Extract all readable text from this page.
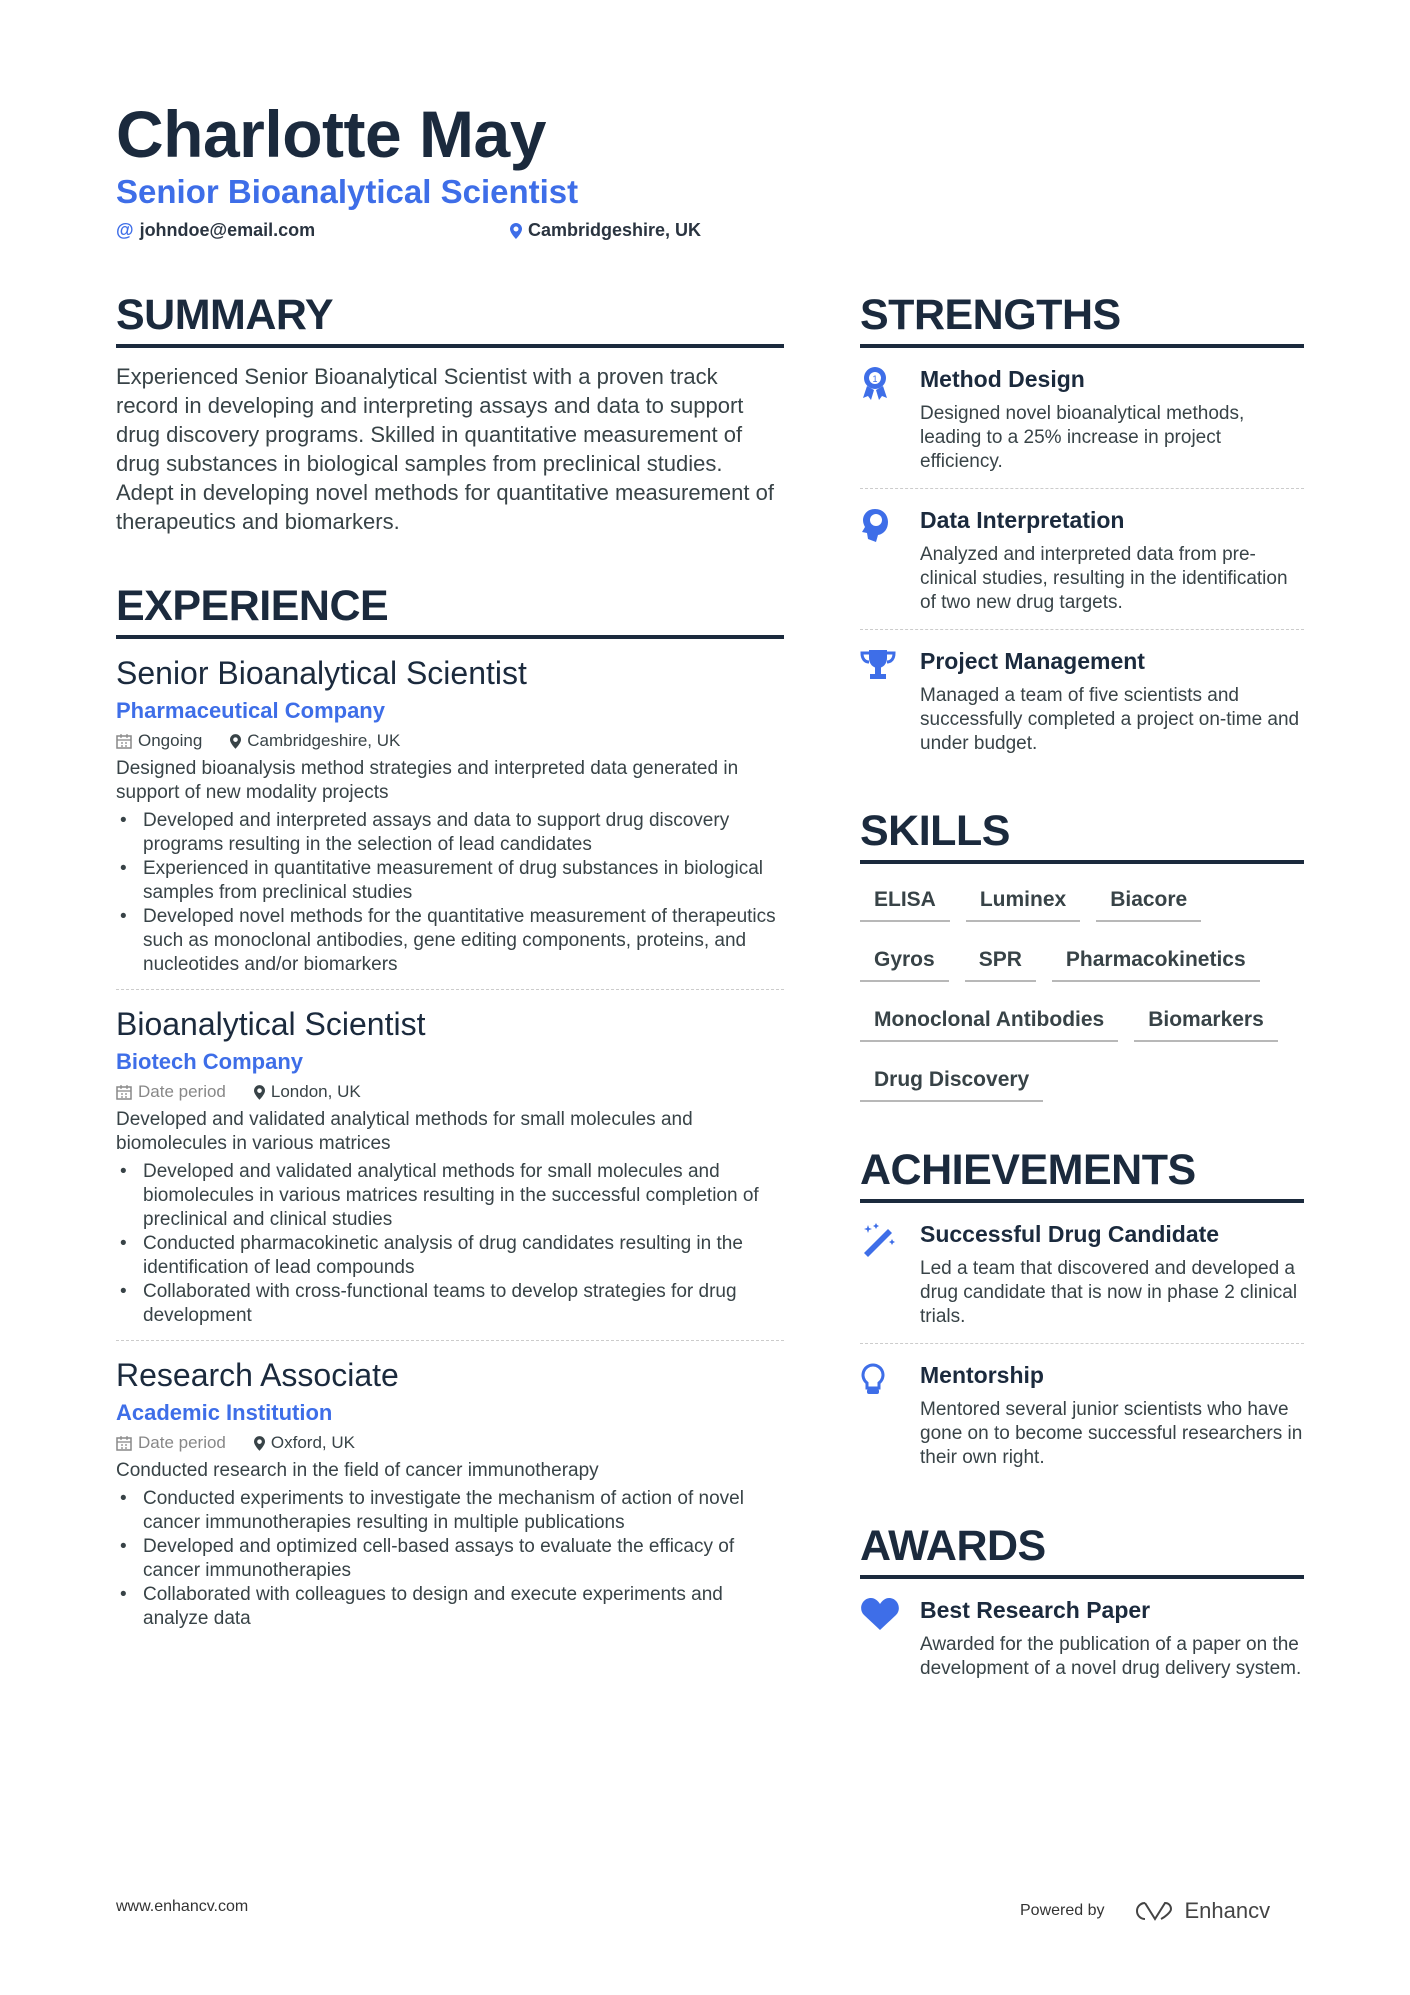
Charlotte May
Senior Bioanalytical Scientist
@ johndoe@email.com	Cambridgeshire, UK
SUMMARY

Experienced Senior Bioanalytical Scientist with a proven track record in developing and interpreting assays and data to support drug discovery programs. Skilled in quantitative measurement of drug substances in biological samples from preclinical studies. Adept in developing novel methods for quantitative measurement of therapeutics and biomarkers.

EXPERIENCE
Senior Bioanalytical Scientist
Pharmaceutical Company
Ongoing	Cambridgeshire, UK
Designed bioanalysis method strategies and interpreted data generated in support of new modality projects
• Developed and interpreted assays and data to support drug discovery programs resulting in the selection of lead candidates
• Experienced in quantitative measurement of drug substances in biological samples from preclinical studies
• Developed novel methods for the quantitative measurement of therapeutics such as monoclonal antibodies, gene editing components, proteins, and nucleotides and/or biomarkers
Bioanalytical Scientist
Biotech Company
Date period	London, UK
Developed and validated analytical methods for small molecules and biomolecules in various matrices
• Developed and validated analytical methods for small molecules and biomolecules in various matrices resulting in the successful completion of preclinical and clinical studies
• Conducted pharmacokinetic analysis of drug candidates resulting in the identification of lead compounds
• Collaborated with cross-functional teams to develop strategies for drug development
Research Associate
Academic Institution
Date period	Oxford, UK
Conducted research in the field of cancer immunotherapy
• Conducted experiments to investigate the mechanism of action of novel cancer immunotherapies resulting in multiple publications
• Developed and optimized cell-based assays to evaluate the efficacy of cancer immunotherapies
• Collaborated with colleagues to design and execute experiments and analyze data
STRENGTHS
1 Method Design

Designed novel bioanalytical methods, leading to a 25% increase in project efficiency.

Data Interpretation

Analyzed and interpreted data from pre-clinical studies, resulting in the identification of two new drug targets.

Project Management

Managed a team of five scientists and successfully completed a project on-time and under budget.

SKILLS
ELISA	Luminex	Biacore
Gyros	SPR	Pharmacokinetics
Monoclonal Antibodies	Biomarkers
Drug Discovery
ACHIEVEMENTS
Successful Drug Candidate

Led a team that discovered and developed a drug candidate that is now in phase 2 clinical trials.

Mentorship

Mentored several junior scientists who have gone on to become successful researchers in their own right.

AWARDS
Best Research Paper

Awarded for the publication of a paper on the development of a novel drug delivery system.

www.enhancv.com	Powered by	Enhancv
